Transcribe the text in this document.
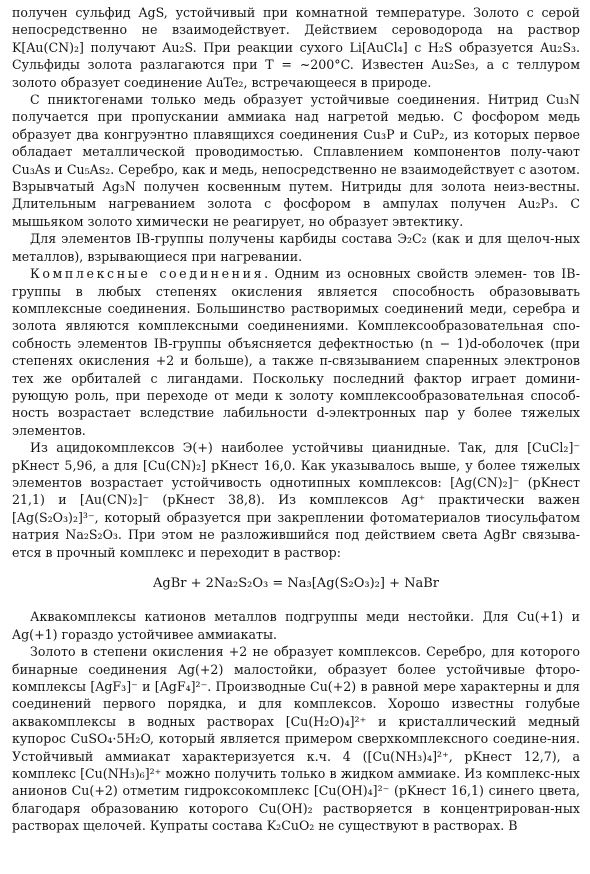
получен сульфид AgS, устойчивый при комнатной температуре. Золото с серой непосредственно не взаимодействует. Действием сероводорода на раствор K[Au(CN)₂] получают Au₂S. При реакции сухого Li[AuCl₄] с H₂S образуется Au₂S₃. Сульфиды золота разлагаются при T = ~200°C. Известен Au₂Se₃, а с теллуром золото образует соединение AuTe₂, встречающееся в природе.

С пниктогенами только медь образует устойчивые соединения. Нитрид Cu₃N получается при пропускании аммиака над нагретой медью. С фосфором медь образует два конгруэнтно плавящихся соединения Cu₃P и CuP₂, из которых первое обладает металлической проводимостью. Сплавлением компонентов полу-чают Cu₃As и Cu₅As₂. Серебро, как и медь, непосредственно не взаимодействует с азотом. Взрывчатый Ag₃N получен косвенным путем. Нитриды для золота неиз-вестны. Длительным нагреванием золота с фосфором в ампулах получен Au₂P₃. С мышьяком золото химически не реагирует, но образует эвтектику.

Для элементов IB-группы получены карбиды состава Э₂C₂ (как и для щелоч-ных металлов), взрывающиеся при нагревании.

Комплексные соединения. Одним из основных свойств элемен- тов IB-группы в любых степенях окисления является способность образовывать комплексные соединения. Большинство растворимых соединений меди, серебра и золота являются комплексными соединениями. Комплексообразовательная спо-собность элементов IB-группы объясняется дефектностью (n − 1)d-оболочек (при степенях окисления +2 и больше), а также π-связыванием спаренных электронов тех же орбиталей с лигандами. Поскольку последний фактор играет домини-рующую роль, при переходе от меди к золоту комплексообразовательная способ-ность возрастает вследствие лабильности d-электронных пар у более тяжелых элементов.

Из ацидокомплексов Э(+) наиболее устойчивы цианидные. Так, для [CuCl₂]⁻ pKнест 5,96, а для [Cu(CN)₂] pKнест 16,0. Как указывалось выше, у более тяжелых элементов возрастает устойчивость однотипных комплексов: [Ag(CN)₂]⁻ (pKнест 21,1) и [Au(CN)₂]⁻ (pKнест 38,8). Из комплексов Ag⁺ практически важен [Ag(S₂O₃)₂]³⁻, который образуется при закреплении фотоматериалов тиосульфатом натрия Na₂S₂O₃. При этом не разложившийся под действием света AgBr связыва-ется в прочный комплекс и переходит в раствор:

AgBr + 2Na₂S₂O₃ = Na₃[Ag(S₂O₃)₂] + NaBr

Аквакомплексы катионов металлов подгруппы меди нестойки. Для Cu(+1) и Ag(+1) гораздо устойчивее аммиакаты.

Золото в степени окисления +2 не образует комплексов. Серебро, для которого бинарные соединения Ag(+2) малостойки, образует более устойчивые фторо-комплексы [AgF₃]⁻ и [AgF₄]²⁻. Производные Cu(+2) в равной мере характерны и для соединений первого порядка, и для комплексов. Хорошо известны голубые аквакомплексы в водных растворах [Cu(H₂O)₄]²⁺ и кристаллический медный купорос CuSO₄·5H₂O, который является примером сверхкомплексного соедине-ния. Устойчивый аммиакат характеризуется к.ч. 4 ([Cu(NH₃)₄]²⁺, pKнест 12,7), а комплекс [Cu(NH₃)₆]²⁺ можно получить только в жидком аммиаке. Из комплекс-ных анионов Cu(+2) отметим гидроксокомплекс [Cu(OH)₄]²⁻ (pKнест 16,1) синего цвета, благодаря образованию которого Cu(OH)₂ растворяется в концентрирован-ных растворах щелочей. Купраты состава K₂CuO₂ не существуют в растворах. В
